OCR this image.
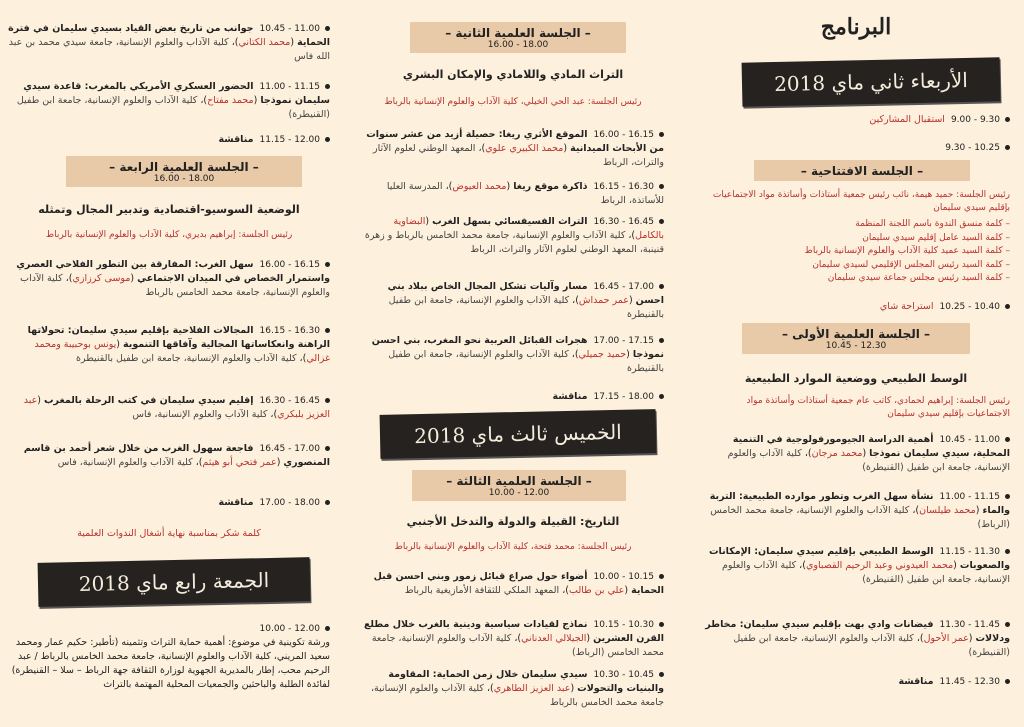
البرنامج
الأربعاء ثاني ماي 2018
9.00 - 9.30استقبال المشاركين
9.30 - 10.25
– الجلسة الافتتاحية –
رئيس الجلسة: حميد هيمة، نائب رئيس جمعية أستاذات وأساتذة مواد الاجتماعيات بإقليم سيدي سليمان
– كلمة منسق الندوة باسم اللجنة المنظمة
– كلمة السيد عامل إقليم سيدي سليمان
– كلمة السيد عميد كلية الآداب والعلوم الإنسانية بالرباط
– كلمة السيد رئيس المجلس الإقليمي لسيدي سليمان
– كلمة السيد رئيس مجلس جماعة سيدي سليمان
10.25 - 10.40استراحة شاي
– الجلسة العلمية الأولى –
10.45 - 12.30
الوسط الطبيعي ووضعية الموارد الطبيعية
رئيس الجلسة: إبراهيم لحمادي، كاتب عام جمعية أستاذات وأساتذة مواد الاجتماعيات بإقليم سيدي سليمان
10.45 - 11.00أهمية الدراسة الجيومورفولوجية في التنمية المحلية، سيدي سليمان نموذجا (محمد مرجان)، كلية الآداب والعلوم الإنسانية، جامعة ابن طفيل (القنيطرة)
11.00 - 11.15نشأة سهل الغرب وتطور موارده الطبيعية: التربة والماء (محمد طيلسان)، كلية الآداب والعلوم الإنسانية، جامعة محمد الخامس (الرباط)
11.15 - 11.30الوسط الطبيعي بإقليم سيدي سليمان: الإمكانات والصعوبات (محمد العيدوني وعبد الرحيم القصباوي)، كلية الآداب والعلوم الإنسانية، جامعة ابن طفيل (القنيطرة)
11.30 - 11.45فيضانات وادي بهت بإقليم سيدي سليمان: مخاطر ودلالات (عمر الأحول)، كلية الآداب والعلوم الإنسانية، جامعة ابن طفيل (القنيطرة)
11.45 - 12.30مناقشة
– الجلسة العلمية الثانية –
16.00 - 18.00
التراث المادي واللامادي والإمكان البشري
رئيس الجلسة: عبد الحي الخيلي، كلية الآداب والعلوم الإنسانية بالرباط
16.00 - 16.15الموقع الأثري ريغا: حصيلة أزيد من عشر سنوات من الأبحاث الميدانية (محمد الكبيري علوي)، المعهد الوطني لعلوم الآثار والتراث، الرباط
16.15 - 16.30ذاكرة موقع ريغا (محمد العيوض)، المدرسة العليا للأساتذة، الرباط
16.30 - 16.45التراث الفسيفسائي بسهل الغرب (البضاوية بالكامل)، كلية الآداب والعلوم الإنسانية، جامعة محمد الخامس بالرباط و زهرة قنينبة، المعهد الوطني لعلوم الآثار والتراث، الرباط
16.45 - 17.00مسار وآليات تشكل المجال الخاص ببلاد بني احسن (عمر حمداش)، كلية الآداب والعلوم الإنسانية، جامعة ابن طفيل بالقنيطرة
17.00 - 17.15هجرات القبائل العربية نحو المغرب، بني احسن نموذجا (حميد جميلي)، كلية الآداب والعلوم الإنسانية، جامعة ابن طفيل بالقنيطرة
17.15 - 18.00مناقشة
الخميس ثالث ماي 2018
– الجلسة العلمية الثالثة –
10.00 - 12.00
التاريخ: القبيلة والدولة والتدخل الأجنبي
رئيس الجلسة: محمد فتحة، كلية الآداب والعلوم الإنسانية بالرباط
10.00 - 10.15أضواء حول صراع قبائل زمور وبني احسن قبل الحماية (علي بن طالب)، المعهد الملكي للثقافة الأمازيغية بالرباط
10.15 - 10.30نماذج لقيادات سياسية ودينية بالغرب خلال مطلع القرن العشرين (الجيلالي العدناني)، كلية الآداب والعلوم الإنسانية، جامعة محمد الخامس (الرباط)
10.30 - 10.45سيدي سليمان خلال زمن الحماية: المقاومة والبنيات والتحولات (عبد العزيز الطاهري)، كلية الآداب والعلوم الإنسانية، جامعة محمد الخامس بالرباط
10.45 - 11.00جوانب من تاريخ بعض القياد بسيدي سليمان في فترة الحماية (محمد الكتاني)، كلية الآداب والعلوم الإنسانية، جامعة سيدي محمد بن عبد الله فاس
11.00 - 11.15الحضور العسكري الأمريكي بالمغرب: قاعدة سيدي سليمان نموذجا (محمد مفتاح)، كلية الآداب والعلوم الإنسانية، جامعة ابن طفيل (القنيطرة)
11.15 - 12.00مناقشة
– الجلسة العلمية الرابعة –
16.00 - 18.00
الوضعية السوسيو-اقتصادية وتدبير المجال وتمثله
رئيس الجلسة: إبراهيم بديري، كلية الآداب والعلوم الإنسانية بالرباط
16.00 - 16.15سهل الغرب: المفارقة بين التطور الفلاحي العصري واستمرار الخصاص في الميدان الاجتماعي (موسى كرزازي)، كلية الآداب والعلوم الإنسانية، جامعة محمد الخامس بالرباط
16.15 - 16.30المجالات الفلاحية بإقليم سيدي سليمان: تحولاتها الراهنة وانعكاساتها المجالية وآفاقها التنموية (يونس بوحبيبة ومحمد غزالي)، كلية الآداب والعلوم الإنسانية، جامعة ابن طفيل بالقنيطرة
16.30 - 16.45إقليم سيدي سليمان في كتب الرحلة بالمغرب (عبد العزيز بلبكري)، كلية الآداب والعلوم الإنسانية، فاس
16.45 - 17.00فاجعة سهول الغرب من خلال شعر أحمد بن قاسم المنصوري (عمر فتحي أبو هيثم)، كلية الآداب والعلوم الإنسانية، فاس
17.00 - 18.00مناقشة
كلمة شكر بمناسبة نهاية أشغال الندوات العلمية
الجمعة رابع ماي 2018
10.00 - 12.00
ورشة تكوينية في موضوع: أهمية حماية التراث وتثمينه (تأطير: حكيم عمار ومحمد سعيد المريني، كلية الآداب والعلوم الإنسانية، جامعة محمد الخامس بالرباط / عبد الرحيم محب، إطار بالمديرية الجهوية لوزارة الثقافة جهة الرباط – سلا – القنيطرة) لفائدة الطلبة والباحثين والجمعيات المحلية المهتمة بالتراث
